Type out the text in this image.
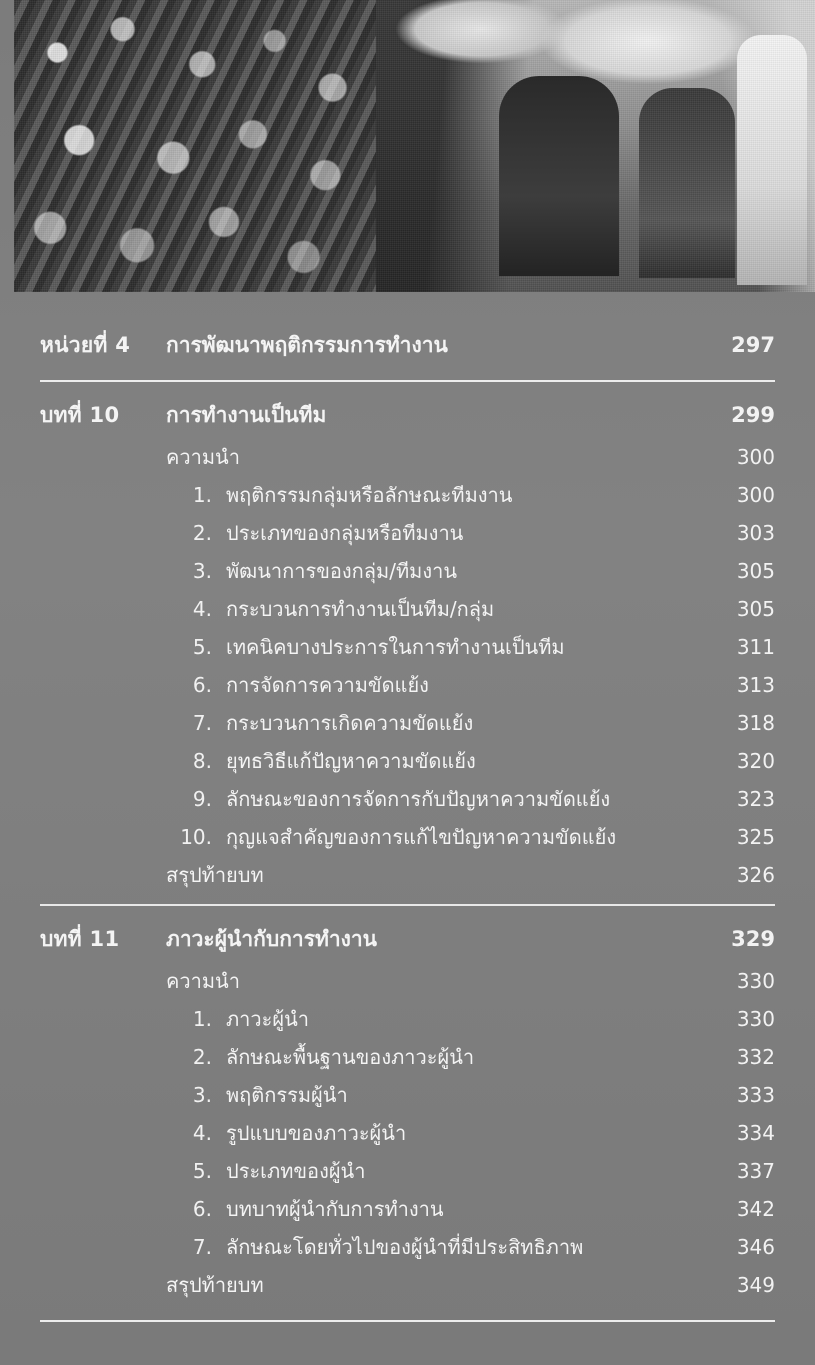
หน่วยที่ 4	การพัฒนาพฤติกรรมการทำงาน	297
บทที่ 10	การทำงานเป็นทีม	299
ความนำ	300
1. พฤติกรรมกลุ่มหรือลักษณะทีมงาน	300
2. ประเภทของกลุ่มหรือทีมงาน	303
3. พัฒนาการของกลุ่ม/ทีมงาน	305
4. กระบวนการทำงานเป็นทีม/กลุ่ม	305
5. เทคนิคบางประการในการทำงานเป็นทีม	311
6. การจัดการความขัดแย้ง	313
7. กระบวนการเกิดความขัดแย้ง	318
8. ยุทธวิธีแก้ปัญหาความขัดแย้ง	320
9. ลักษณะของการจัดการกับปัญหาความขัดแย้ง	323
10. กุญแจสำคัญของการแก้ไขปัญหาความขัดแย้ง	325
สรุปท้ายบท	326
บทที่ 11	ภาวะผู้นำกับการทำงาน	329
ความนำ	330
1. ภาวะผู้นำ	330
2. ลักษณะพื้นฐานของภาวะผู้นำ	332
3. พฤติกรรมผู้นำ	333
4. รูปแบบของภาวะผู้นำ	334
5. ประเภทของผู้นำ	337
6. บทบาทผู้นำกับการทำงาน	342
7. ลักษณะโดยทั่วไปของผู้นำที่มีประสิทธิภาพ	346
สรุปท้ายบท	349
